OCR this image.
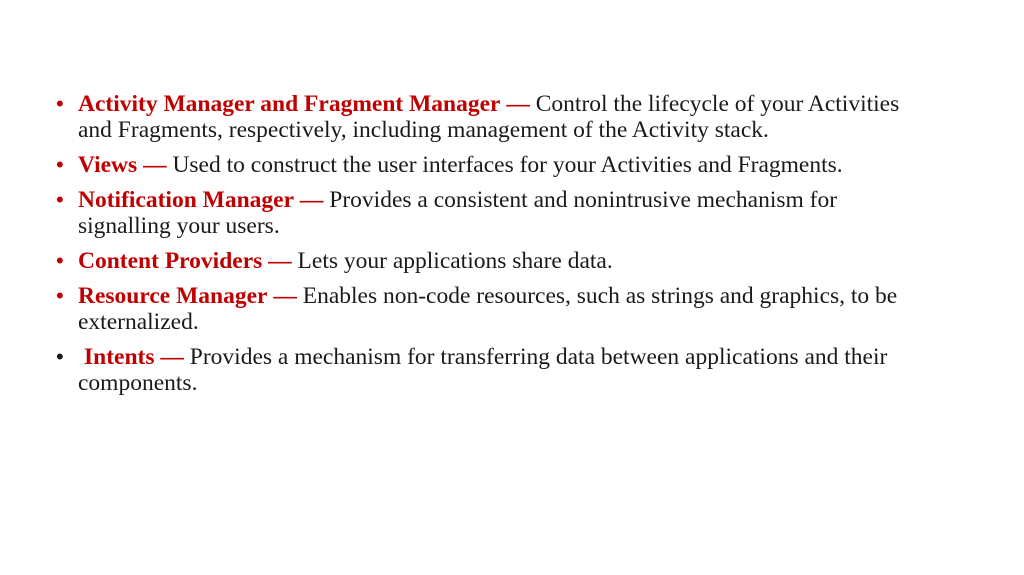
• Activity Manager and Fragment Manager — Control the lifecycle of your Activities and Fragments, respectively, including management of the Activity stack.
• Views — Used to construct the user interfaces for your Activities and Fragments.
• Notification Manager — Provides a consistent and nonintrusive mechanism for signalling your users.
• Content Providers — Lets your applications share data.
• Resource Manager — Enables non-code resources, such as strings and graphics, to be externalized.
• Intents — Provides a mechanism for transferring data between applications and their components.
